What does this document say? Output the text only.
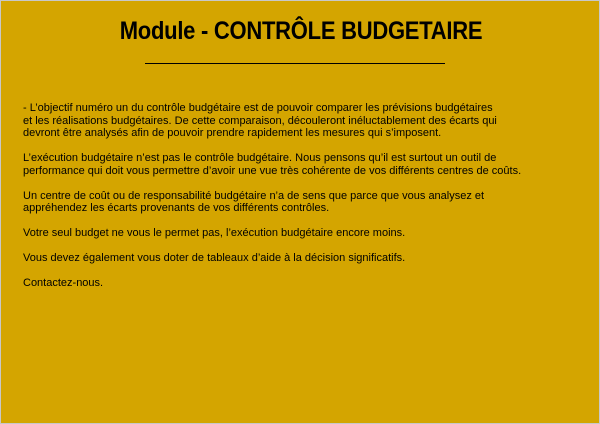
Module - CONTRÔLE BUDGETAIRE

- L’objectif numéro un du contrôle budgétaire est de pouvoir comparer les prévisions budgétaires
et les réalisations budgétaires. De cette comparaison, découleront inéluctablement des écarts qui
devront être analysés afin de pouvoir prendre rapidement les mesures qui s’imposent.

L’exécution budgétaire n’est pas le contrôle budgétaire. Nous pensons qu’il est surtout un outil de
performance qui doit vous permettre d’avoir une vue très cohérente de vos différents centres de coûts.

Un centre de coût ou de responsabilité budgétaire n’a de sens que parce que vous analysez et
appréhendez les écarts provenants de vos différents contrôles.

Votre seul budget ne vous le permet pas, l’exécution budgétaire encore moins.

Vous devez également vous doter de tableaux d’aide à la décision significatifs.

Contactez-nous.
